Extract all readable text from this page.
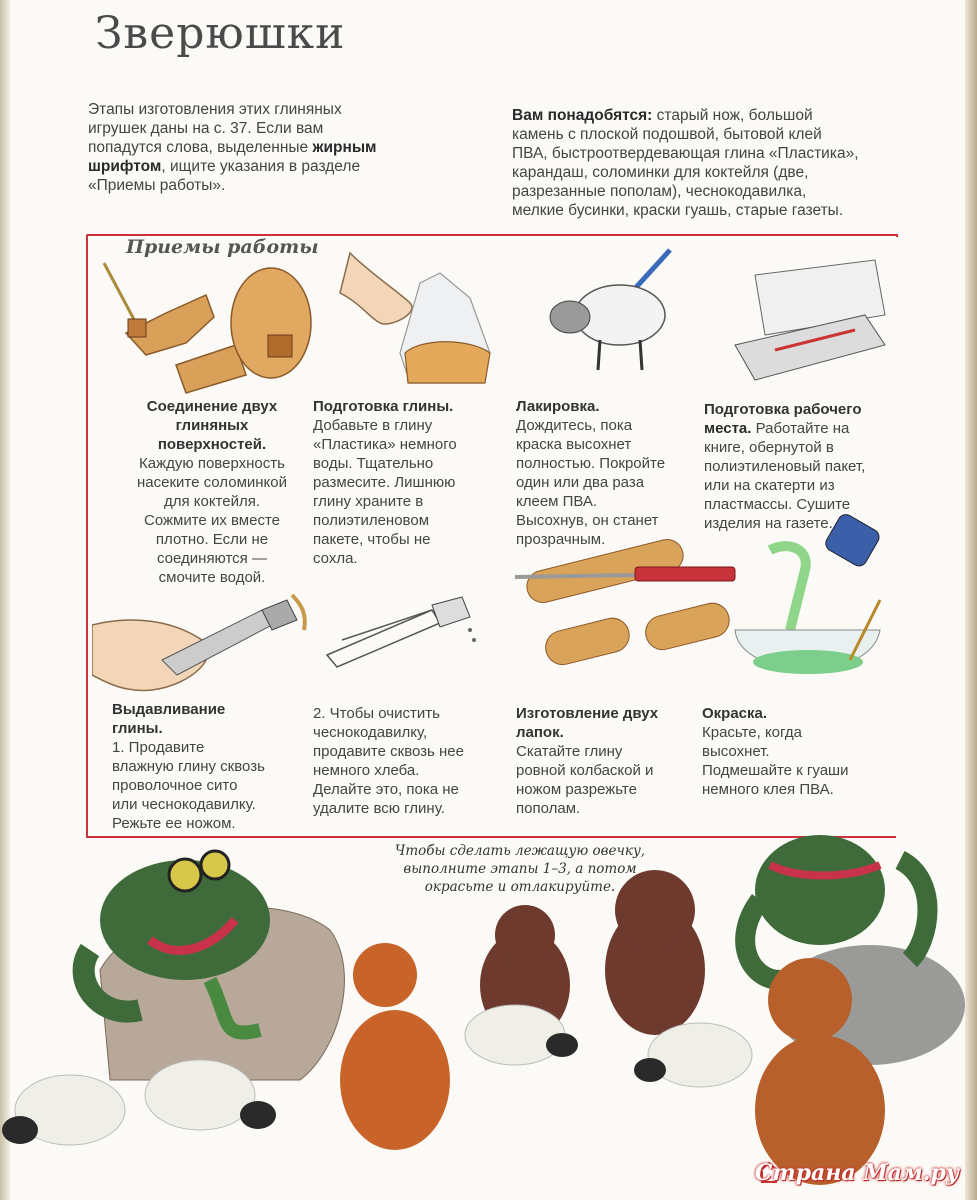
Зверюшки
Этапы изготовления этих глиняных
игрушек даны на с. 37. Если вам
попадутся слова, выделенные жирным
шрифтом, ищите указания в разделе
«Приемы работы».
Вам понадобятся: старый нож, большой
камень с плоской подошвой, бытовой клей
ПВА, быстроотвердевающая глина «Пластика»,
карандаш, соломинки для коктейля (две,
разрезанные пополам), чеснокодавилка,
мелкие бусинки, краски гуашь, старые газеты.
Приемы работы
Соединение двух
глиняных
поверхностей.
Каждую поверхность
насеките соломинкой
для коктейля.
Сожмите их вместе
плотно. Если не
соединяются —
смочите водой.
Подготовка глины.
Добавьте в глину
«Пластика» немного
воды. Тщательно
размесите. Лишнюю
глину храните в
полиэтиленовом
пакете, чтобы не
сохла.
Лакировка.
Дождитесь, пока
краска высохнет
полностью. Покройте
один или два раза
клеем ПВА.
Высохнув, он станет
прозрачным.
Подготовка рабочего
места. Работайте на
книге, обернутой в
полиэтиленовый пакет,
или на скатерти из
пластмассы. Сушите
изделия на газете.
Выдавливание
глины.
1. Продавите
влажную глину сквозь
проволочное сито
или чеснокодавилку.
Режьте ее ножом.
2. Чтобы очистить
чеснокодавилку,
продавите сквозь нее
немного хлеба.
Делайте это, пока не
удалите всю глину.
Изготовление двух
лапок.
Скатайте глину
ровной колбаской и
ножом разрежьте
пополам.
Окраска.
Красьте, когда
высохнет.
Подмешайте к гуаши
немного клея ПВА.
Чтобы сделать лежащую овечку,
выполните этапы 1–3, а потом
окрасьте и отлакируйте.
Страна Мам.ру
